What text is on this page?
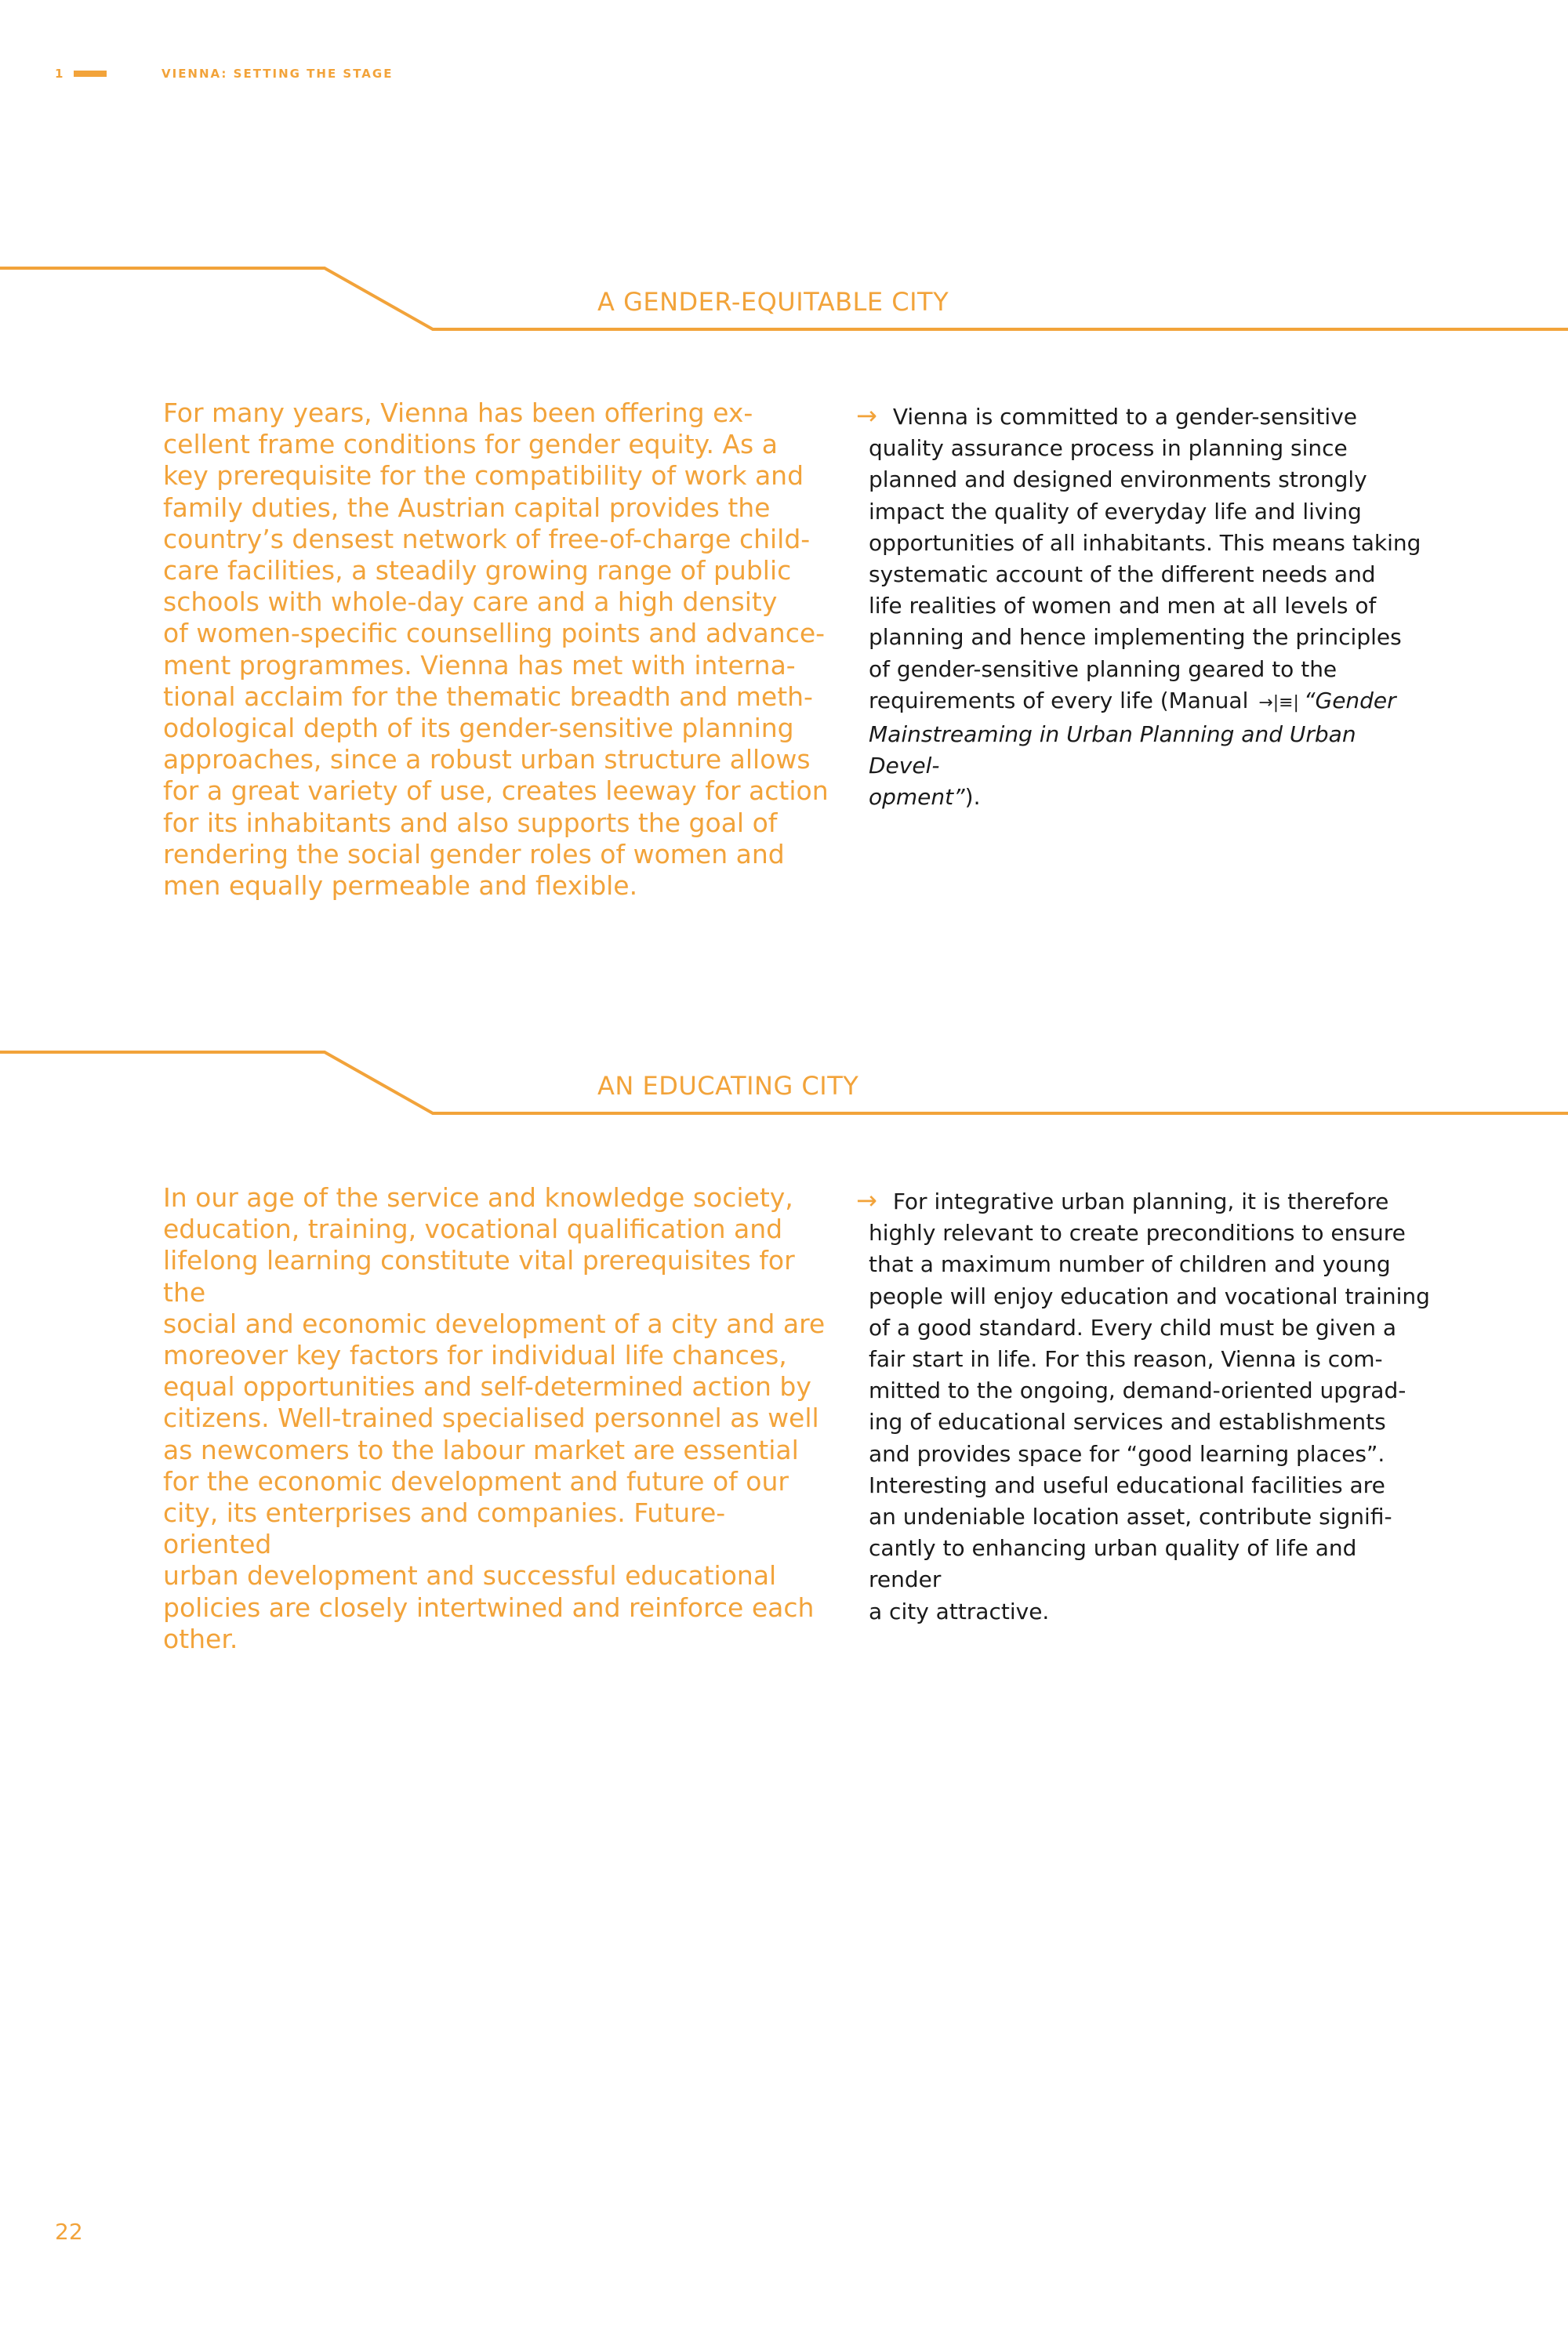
1	VIENNA: SETTING THE STAGE
A GENDER-EQUITABLE CITY

For many years, Vienna has been offering ex-
cellent frame conditions for gender equity. As a
key prerequisite for the compatibility of work and
family duties, the Austrian capital provides the
country’s densest network of free-of-charge child-
care facilities, a steadily growing range of public
schools with whole-day care and a high density
of women-specific counselling points and advance-
ment programmes. Vienna has met with interna-
tional acclaim for the thematic breadth and meth-
odological depth of its gender-sensitive planning
approaches, since a robust urban structure allows
for a great variety of use, creates leeway for action
for its inhabitants and also supports the goal of
rendering the social gender roles of women and
men equally permeable and flexible.

→ Vienna is committed to a gender-sensitive
quality assurance process in planning since
planned and designed environments strongly
impact the quality of everyday life and living
opportunities of all inhabitants. This means taking
systematic account of the different needs and
life realities of women and men at all levels of
planning and hence implementing the principles
of gender-sensitive planning geared to the
requirements of every life (Manual →|≡| “Gender
Mainstreaming in Urban Planning and Urban Devel-
opment”).

AN EDUCATING CITY

In our age of the service and knowledge society,
education, training, vocational qualification and
lifelong learning constitute vital prerequisites for the
social and economic development of a city and are
moreover key factors for individual life chances,
equal opportunities and self-determined action by
citizens. Well-trained specialised personnel as well
as newcomers to the labour market are essential
for the economic development and future of our
city, its enterprises and companies. Future-oriented
urban development and successful educational
policies are closely intertwined and reinforce each
other.

→ For integrative urban planning, it is therefore
highly relevant to create preconditions to ensure
that a maximum number of children and young
people will enjoy education and vocational training
of a good standard. Every child must be given a
fair start in life. For this reason, Vienna is com-
mitted to the ongoing, demand-oriented upgrad-
ing of educational services and establishments
and provides space for “good learning places”.
Interesting and useful educational facilities are
an undeniable location asset, contribute signifi-
cantly to enhancing urban quality of life and render
a city attractive.

22
